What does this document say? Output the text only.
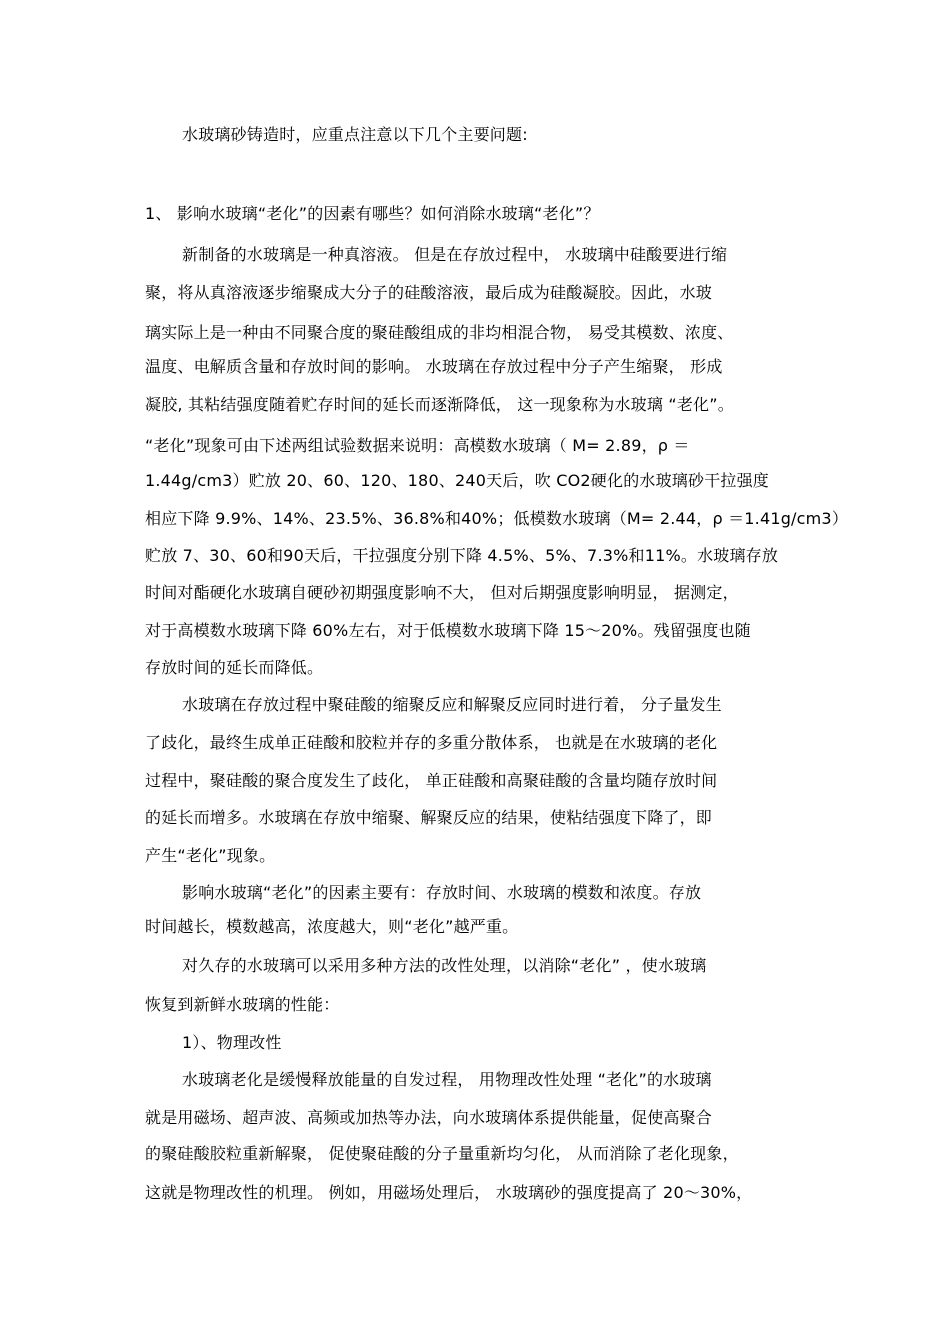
水玻璃砂铸造时，应重点注意以下几个主要问题:
1、 影响水玻璃“老化”的因素有哪些？如何消除水玻璃“老化”？
新制备的水玻璃是一种真溶液。 但是在存放过程中， 水玻璃中硅酸要进行缩
聚，将从真溶液逐步缩聚成大分子的硅酸溶液，最后成为硅酸凝胶。因此，水玻
璃实际上是一种由不同聚合度的聚硅酸组成的非均相混合物， 易受其模数、浓度、
温度、电解质含量和存放时间的影响。 水玻璃在存放过程中分子产生缩聚， 形成
凝胶, 其粘结强度随着贮存时间的延长而逐渐降低， 这一现象称为水玻璃 “老化”。
“老化”现象可由下述两组试验数据来说明：高模数水玻璃（ M= 2.89，ρ ＝
1.44g/cm3）贮放 20、60、120、180、240天后，吹 CO2硬化的水玻璃砂干拉强度
相应下降 9.9%、14%、23.5%、36.8%和40%；低模数水玻璃（M= 2.44，ρ ＝1.41g/cm3）
贮放 7、30、60和90天后，干拉强度分别下降 4.5%、5%、7.3%和11%。水玻璃存放
时间对酯硬化水玻璃自硬砂初期强度影响不大， 但对后期强度影响明显， 据测定，
对于高模数水玻璃下降 60%左右，对于低模数水玻璃下降 15～20%。残留强度也随
存放时间的延长而降低。
水玻璃在存放过程中聚硅酸的缩聚反应和解聚反应同时进行着， 分子量发生
了歧化，最终生成单正硅酸和胶粒并存的多重分散体系， 也就是在水玻璃的老化
过程中，聚硅酸的聚合度发生了歧化， 单正硅酸和高聚硅酸的含量均随存放时间
的延长而增多。水玻璃在存放中缩聚、解聚反应的结果，使粘结强度下降了，即
产生“老化”现象。
影响水玻璃“老化”的因素主要有：存放时间、水玻璃的模数和浓度。存放
时间越长，模数越高，浓度越大，则“老化”越严重。
对久存的水玻璃可以采用多种方法的改性处理，以消除“老化” ，使水玻璃
恢复到新鲜水玻璃的性能：
1）、物理改性
水玻璃老化是缓慢释放能量的自发过程， 用物理改性处理 “老化”的水玻璃
就是用磁场、超声波、高频或加热等办法，向水玻璃体系提供能量，促使高聚合
的聚硅酸胶粒重新解聚， 促使聚硅酸的分子量重新均匀化， 从而消除了老化现象，
这就是物理改性的机理。 例如，用磁场处理后， 水玻璃砂的强度提高了 20～30%，
